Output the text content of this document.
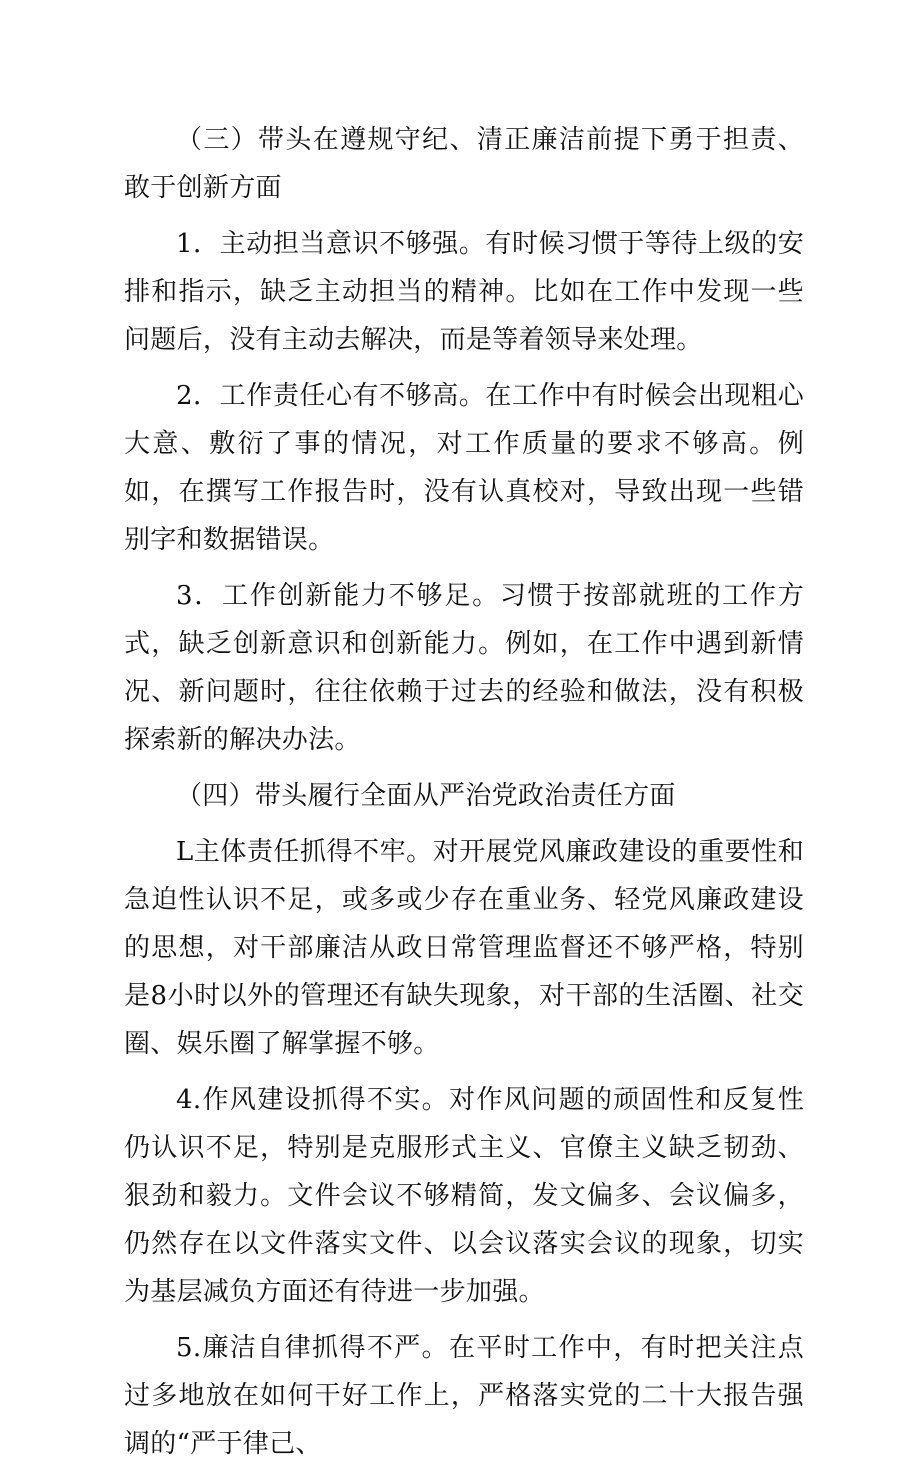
（三）带头在遵规守纪、清正廉洁前提下勇于担责、敢于创新方面

1．主动担当意识不够强。有时候习惯于等待上级的安排和指示，缺乏主动担当的精神。比如在工作中发现一些问题后，没有主动去解决，而是等着领导来处理。

2．工作责任心有不够高。在工作中有时候会出现粗心大意、敷衍了事的情况，对工作质量的要求不够高。例如，在撰写工作报告时，没有认真校对，导致出现一些错别字和数据错误。

3．工作创新能力不够足。习惯于按部就班的工作方式，缺乏创新意识和创新能力。例如，在工作中遇到新情况、新问题时，往往依赖于过去的经验和做法，没有积极探索新的解决办法。

（四）带头履行全面从严治党政治责任方面

L主体责任抓得不牢。对开展党风廉政建设的重要性和急迫性认识不足，或多或少存在重业务、轻党风廉政建设的思想，对干部廉洁从政日常管理监督还不够严格，特别是8小时以外的管理还有缺失现象，对干部的生活圈、社交圈、娱乐圈了解掌握不够。

4.作风建设抓得不实。对作风问题的顽固性和反复性仍认识不足，特别是克服形式主义、官僚主义缺乏韧劲、狠劲和毅力。文件会议不够精简，发文偏多、会议偏多，仍然存在以文件落实文件、以会议落实会议的现象，切实为基层减负方面还有待进一步加强。

5.廉洁自律抓得不严。在平时工作中，有时把关注点过多地放在如何干好工作上，严格落实党的二十大报告强调的“严于律己、
